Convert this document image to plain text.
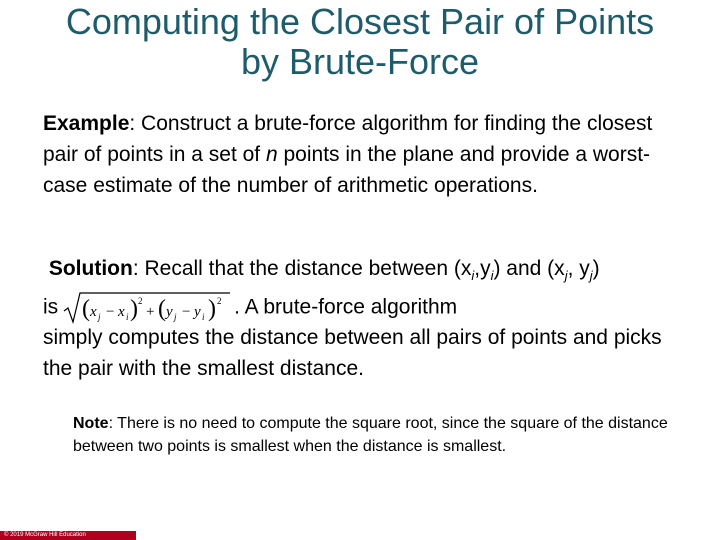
Computing the Closest Pair of Points
by Brute-Force
Example: Construct a brute-force algorithm for finding the closest pair of points in a set of n points in the plane and provide a worst-case estimate of the number of arithmetic operations.
Solution: Recall that the distance between $(x_i,y_i)$ and ($x_j$, $y_j$)
is ( x j − x i ) 2
+ ( y j − y i ) 2 . A brute-force algorithm
simply computes the distance between all pairs of points and picks the pair with the smallest distance.
Note: There is no need to compute the square root, since the square of the distance between two points is smallest when the distance is smallest.
© 2019 McGraw Hill Education
